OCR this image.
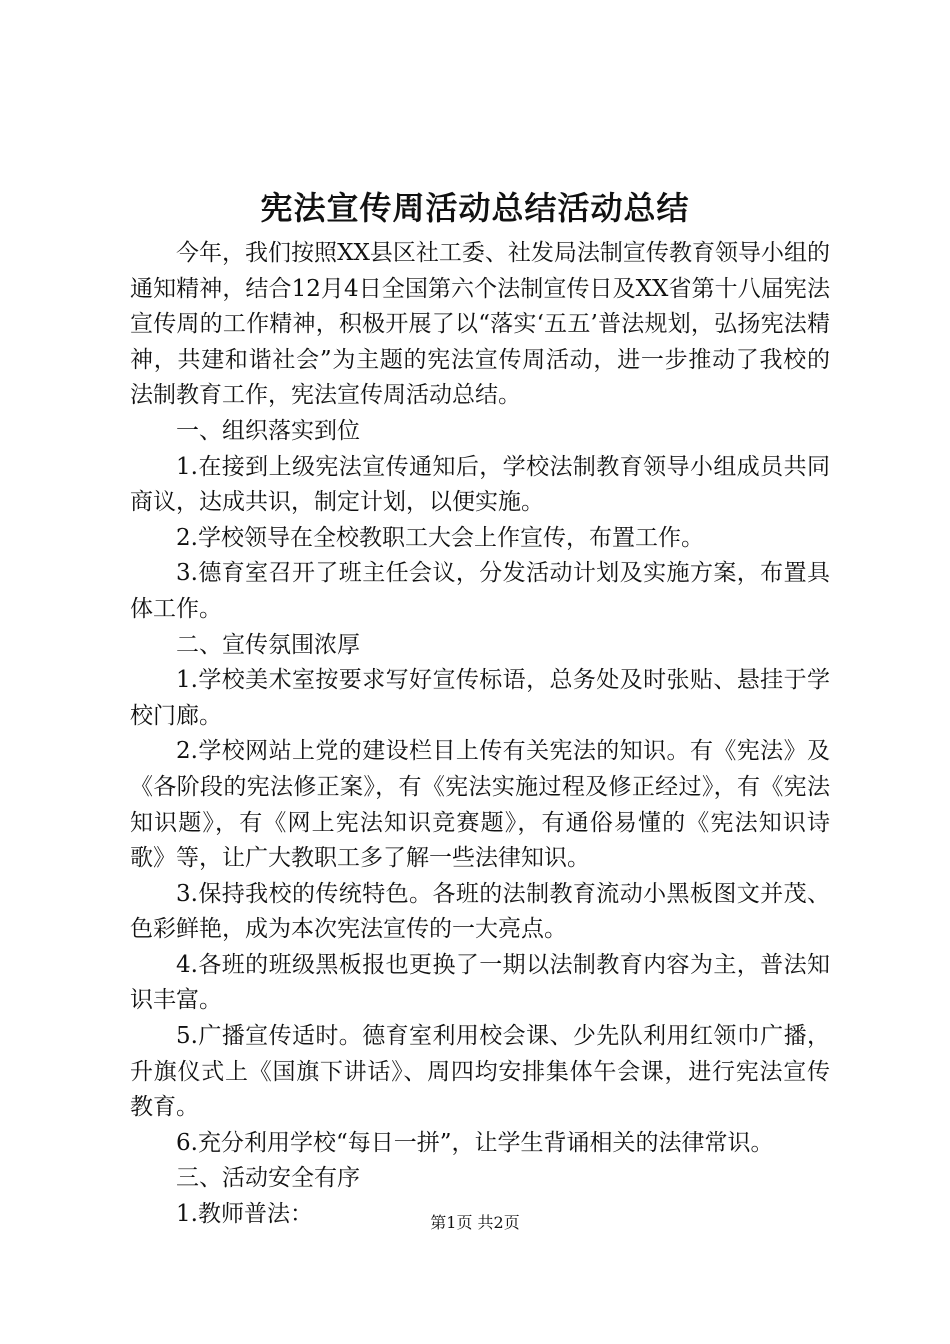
宪法宣传周活动总结活动总结

今年，我们按照XX县区社工委、社发局法制宣传教育领导小组的通知精神，结合12月4日全国第六个法制宣传日及XX省第十八届宪法宣传周的工作精神，积极开展了以“落实‘五五’普法规划，弘扬宪法精神，共建和谐社会”为主题的宪法宣传周活动，进一步推动了我校的法制教育工作，宪法宣传周活动总结。

一、组织落实到位

1.在接到上级宪法宣传通知后，学校法制教育领导小组成员共同商议，达成共识，制定计划，以便实施。

2.学校领导在全校教职工大会上作宣传，布置工作。

3.德育室召开了班主任会议，分发活动计划及实施方案，布置具体工作。

二、宣传氛围浓厚

1.学校美术室按要求写好宣传标语，总务处及时张贴、悬挂于学校门廊。

2.学校网站上党的建设栏目上传有关宪法的知识。有《宪法》及《各阶段的宪法修正案》，有《宪法实施过程及修正经过》，有《宪法知识题》，有《网上宪法知识竞赛题》，有通俗易懂的《宪法知识诗歌》等，让广大教职工多了解一些法律知识。

3.保持我校的传统特色。各班的法制教育流动小黑板图文并茂、色彩鲜艳，成为本次宪法宣传的一大亮点。

4.各班的班级黑板报也更换了一期以法制教育内容为主，普法知识丰富。

5.广播宣传适时。德育室利用校会课、少先队利用红领巾广播，升旗仪式上《国旗下讲话》、周四均安排集体午会课，进行宪法宣传教育。

6.充分利用学校“每日一拼”，让学生背诵相关的法律常识。

三、活动安全有序

1.教师普法：	第1页 共2页
